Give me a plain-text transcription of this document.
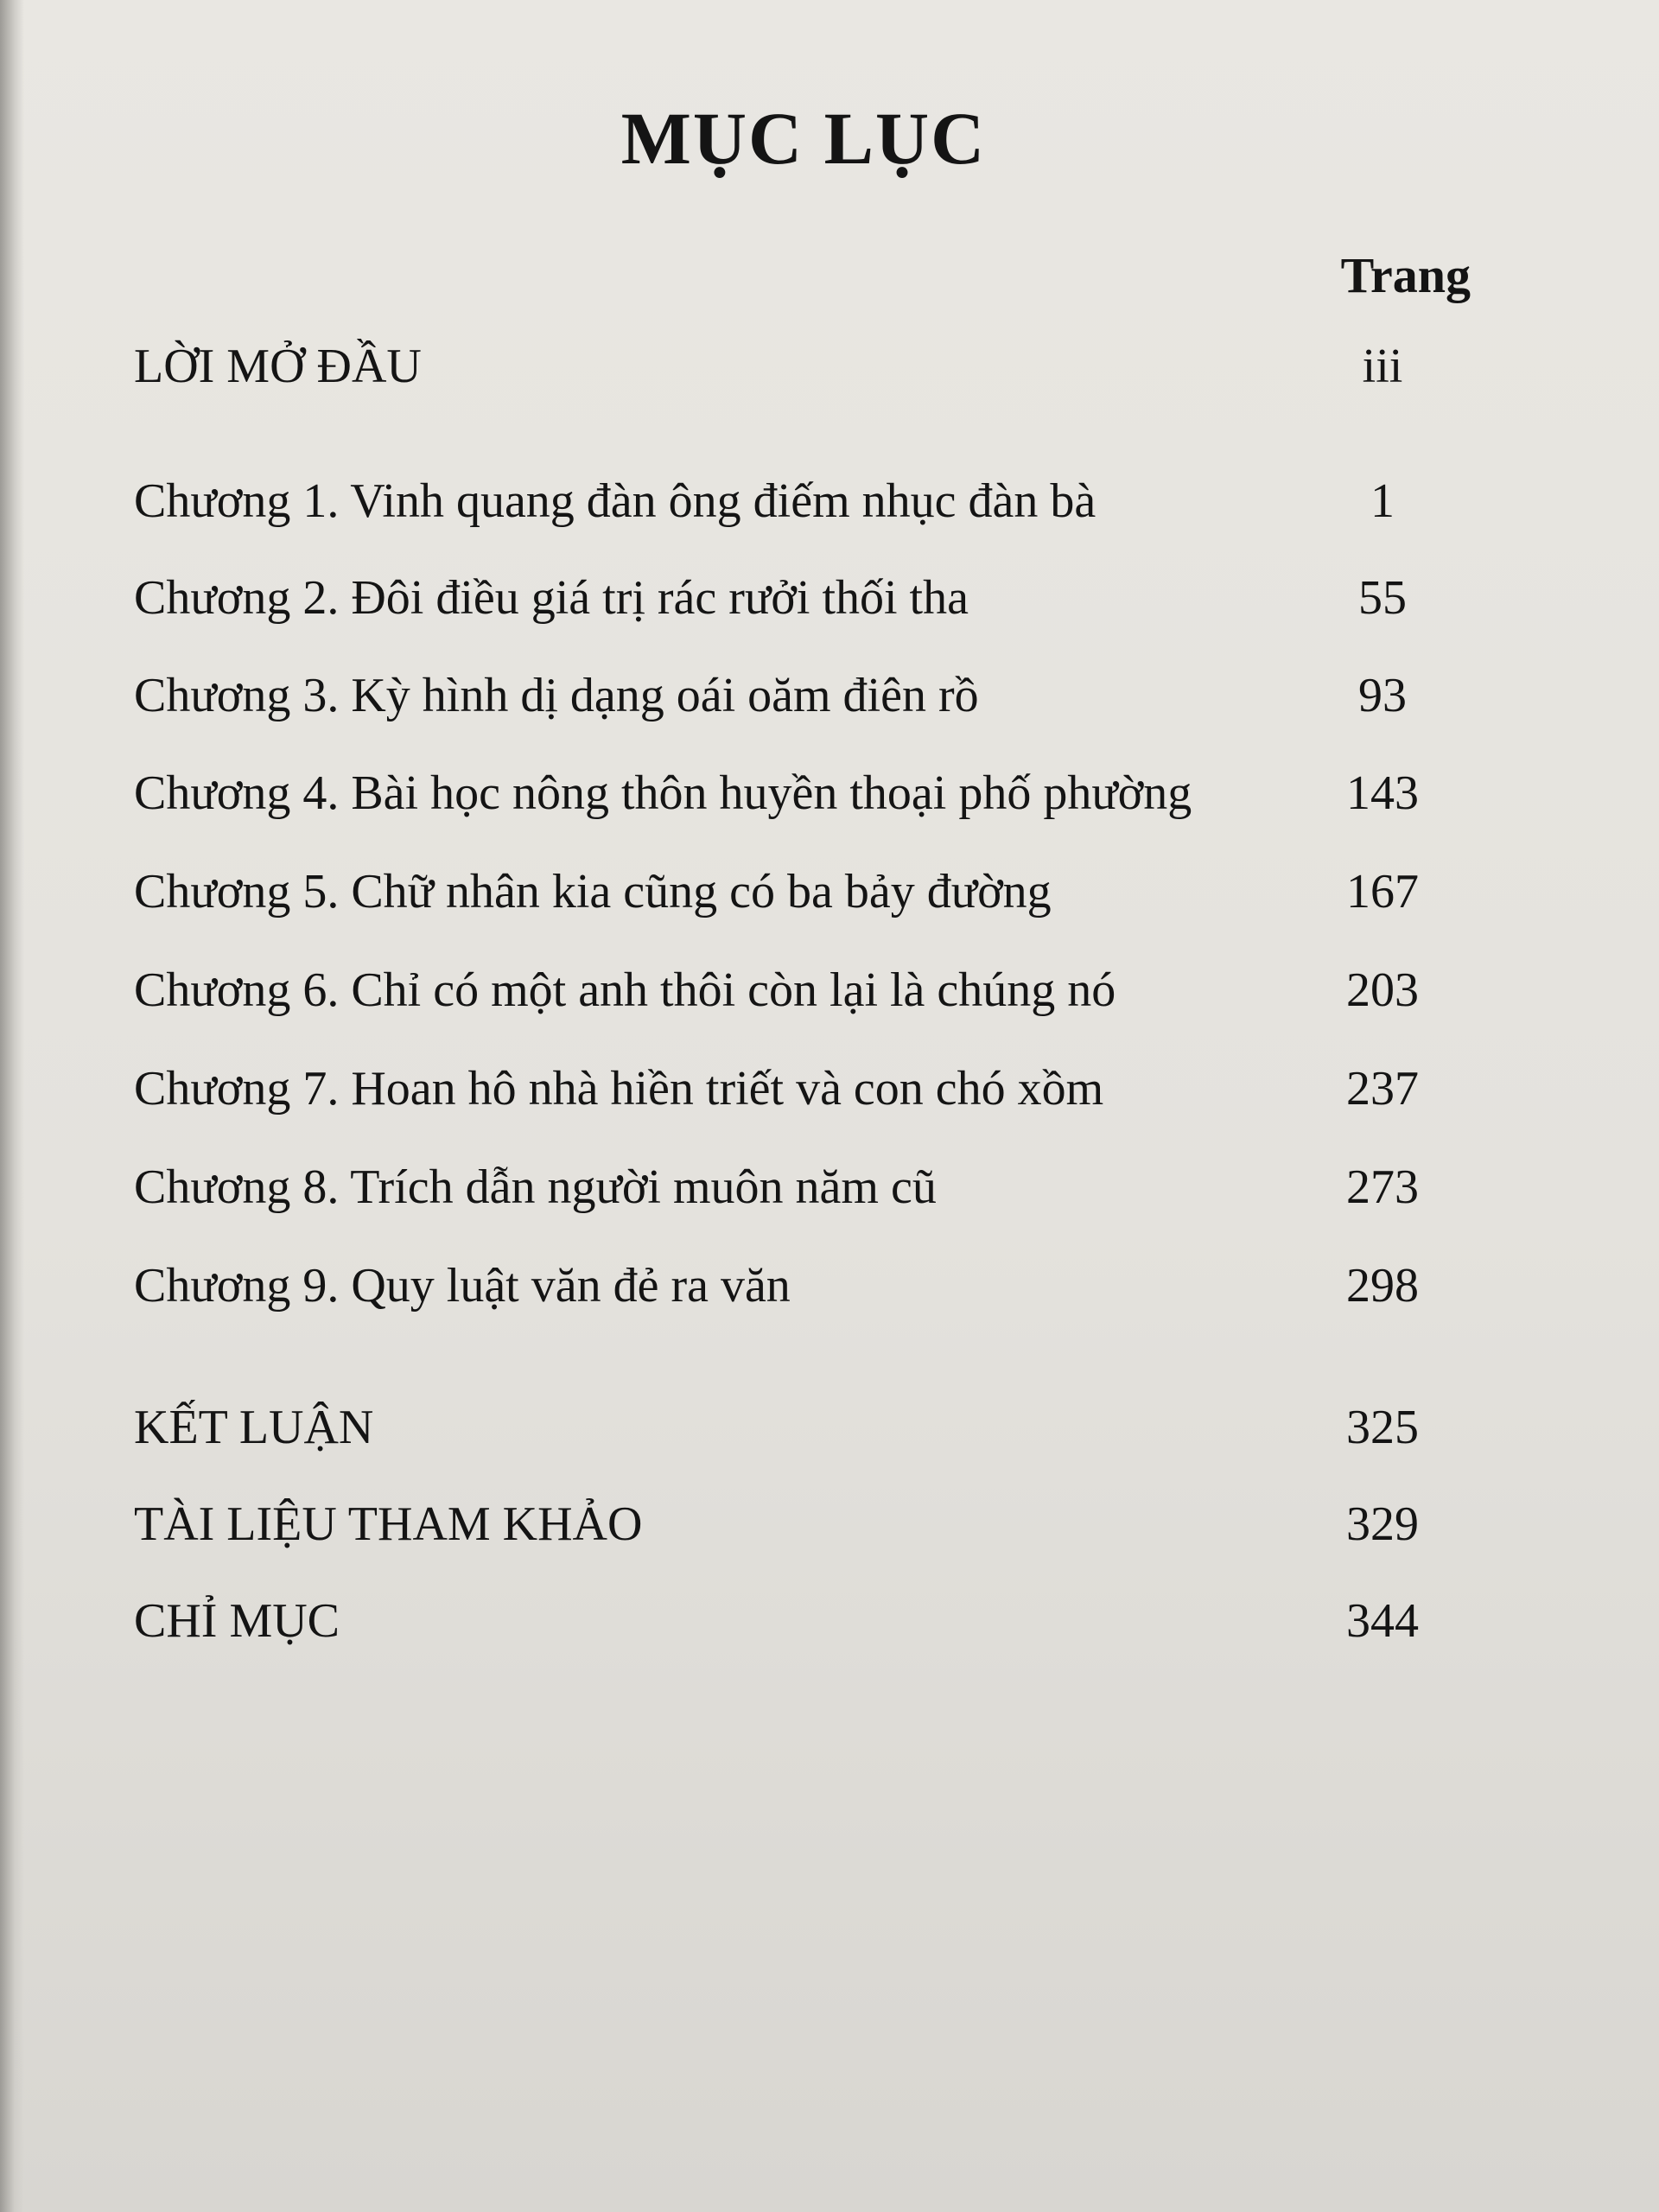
MỤC LỤC
Trang
LỜI MỞ ĐẦU	iii
Chương 1. Vinh quang đàn ông điếm nhục đàn bà	1
Chương 2. Đôi điều giá trị rác rưởi thối tha	55
Chương 3. Kỳ hình dị dạng oái oăm điên rồ	93
Chương 4. Bài học nông thôn huyền thoại phố phường	143
Chương 5. Chữ nhân kia cũng có ba bảy đường	167
Chương 6. Chỉ có một anh thôi còn lại là chúng nó	203
Chương 7. Hoan hô nhà hiền triết và con chó xồm	237
Chương 8. Trích dẫn người muôn năm cũ	273
Chương 9. Quy luật văn đẻ ra văn	298
KẾT LUẬN	325
TÀI LIỆU THAM KHẢO	329
CHỈ MỤC	344
